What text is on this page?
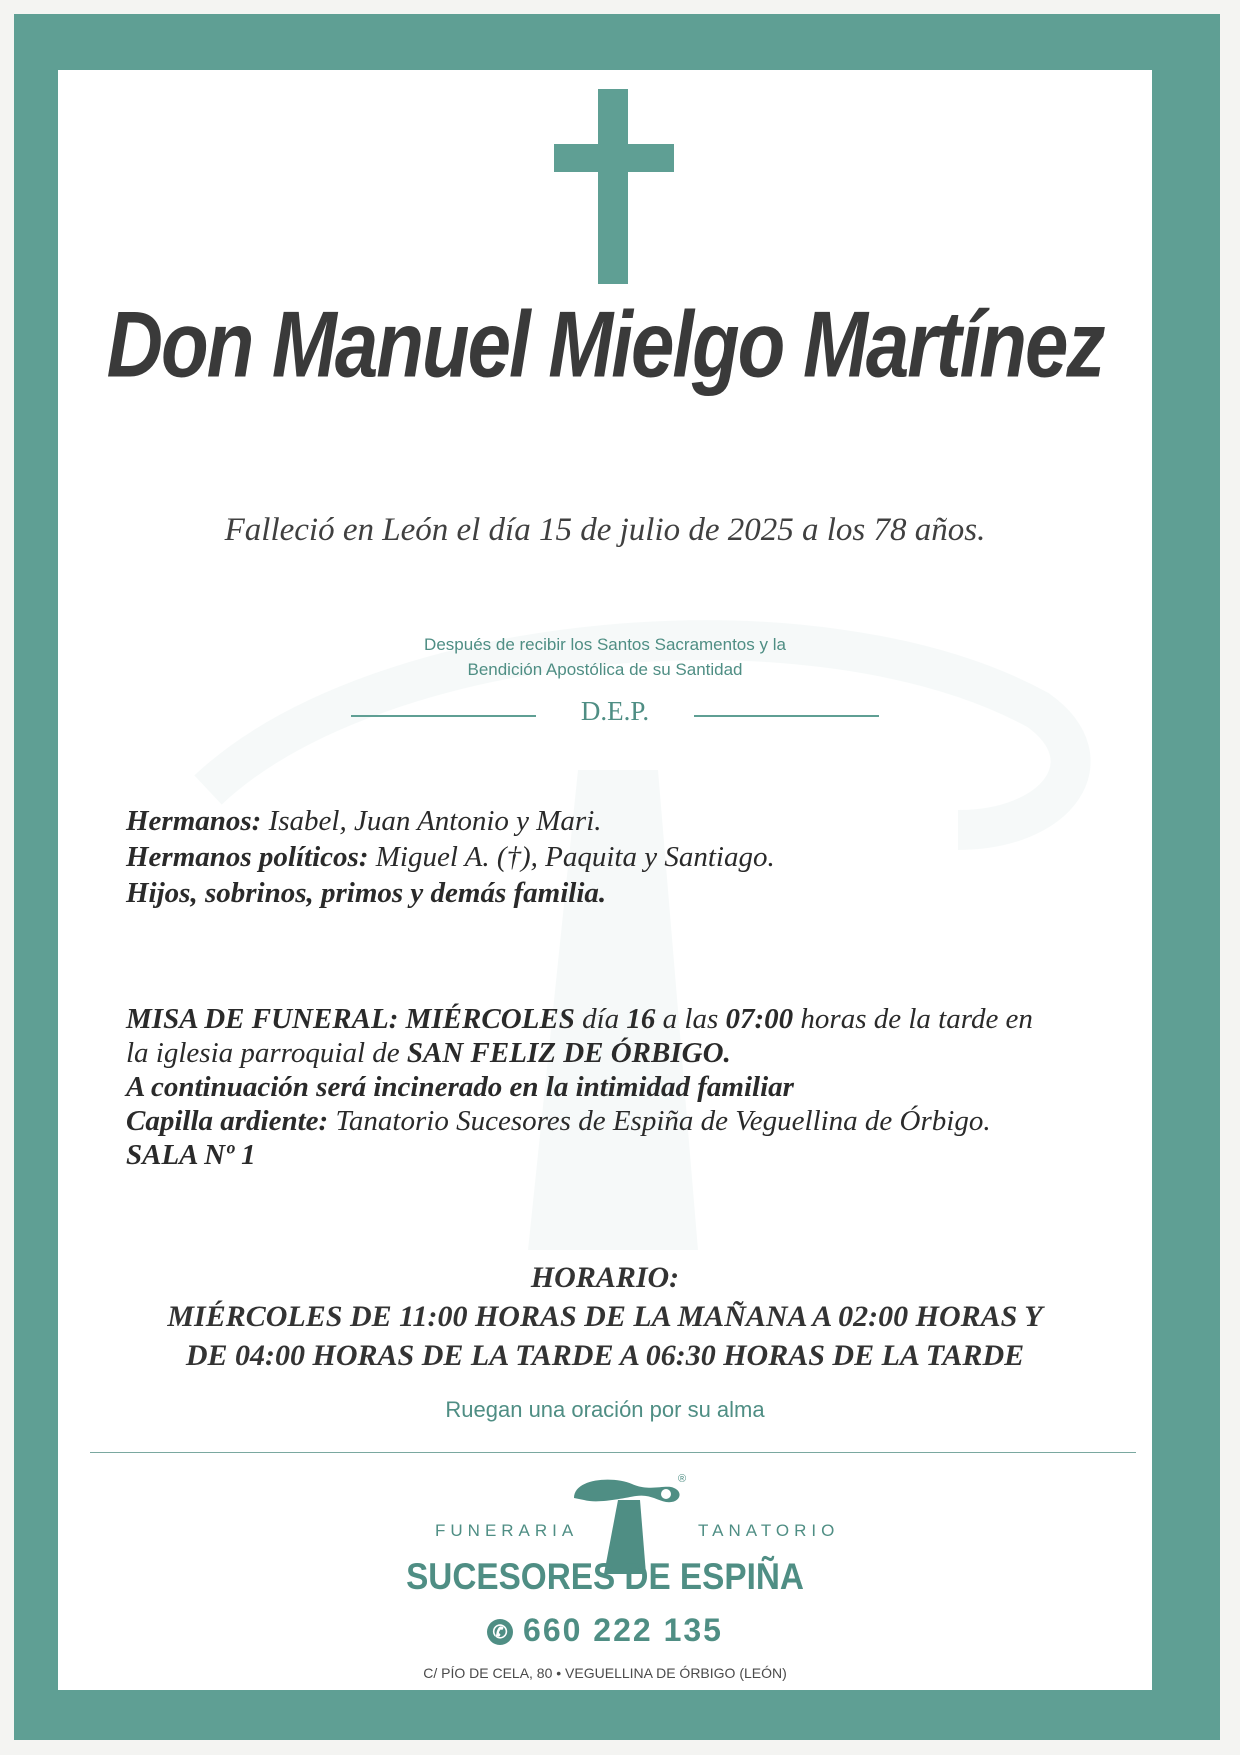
Don Manuel Mielgo Martínez
Falleció en León el día 15 de julio de 2025 a los 78 años.
Después de recibir los Santos Sacramentos y la
Bendición Apostólica de su Santidad
D.E.P.
Hermanos: Isabel, Juan Antonio y Mari.
Hermanos políticos: Miguel A. (†), Paquita y Santiago.
Hijos, sobrinos, primos y demás familia.
MISA DE FUNERAL: MIÉRCOLES día 16 a las 07:00 horas de la tarde en
la iglesia parroquial de SAN FELIZ DE ÓRBIGO.
A continuación será incinerado en la intimidad familiar
Capilla ardiente: Tanatorio Sucesores de Espiña de Veguellina de Órbigo.
SALA Nº 1
HORARIO:
MIÉRCOLES DE 11:00 HORAS DE LA MAÑANA A 02:00 HORAS Y
DE 04:00 HORAS DE LA TARDE A 06:30 HORAS DE LA TARDE
Ruegan una oración por su alma
®
FUNERARIA	TANATORIO
SUCESORES DE ESPIÑA
✆ 660 222 135
C/ PÍO DE CELA, 80 • VEGUELLINA DE ÓRBIGO (LEÓN)
